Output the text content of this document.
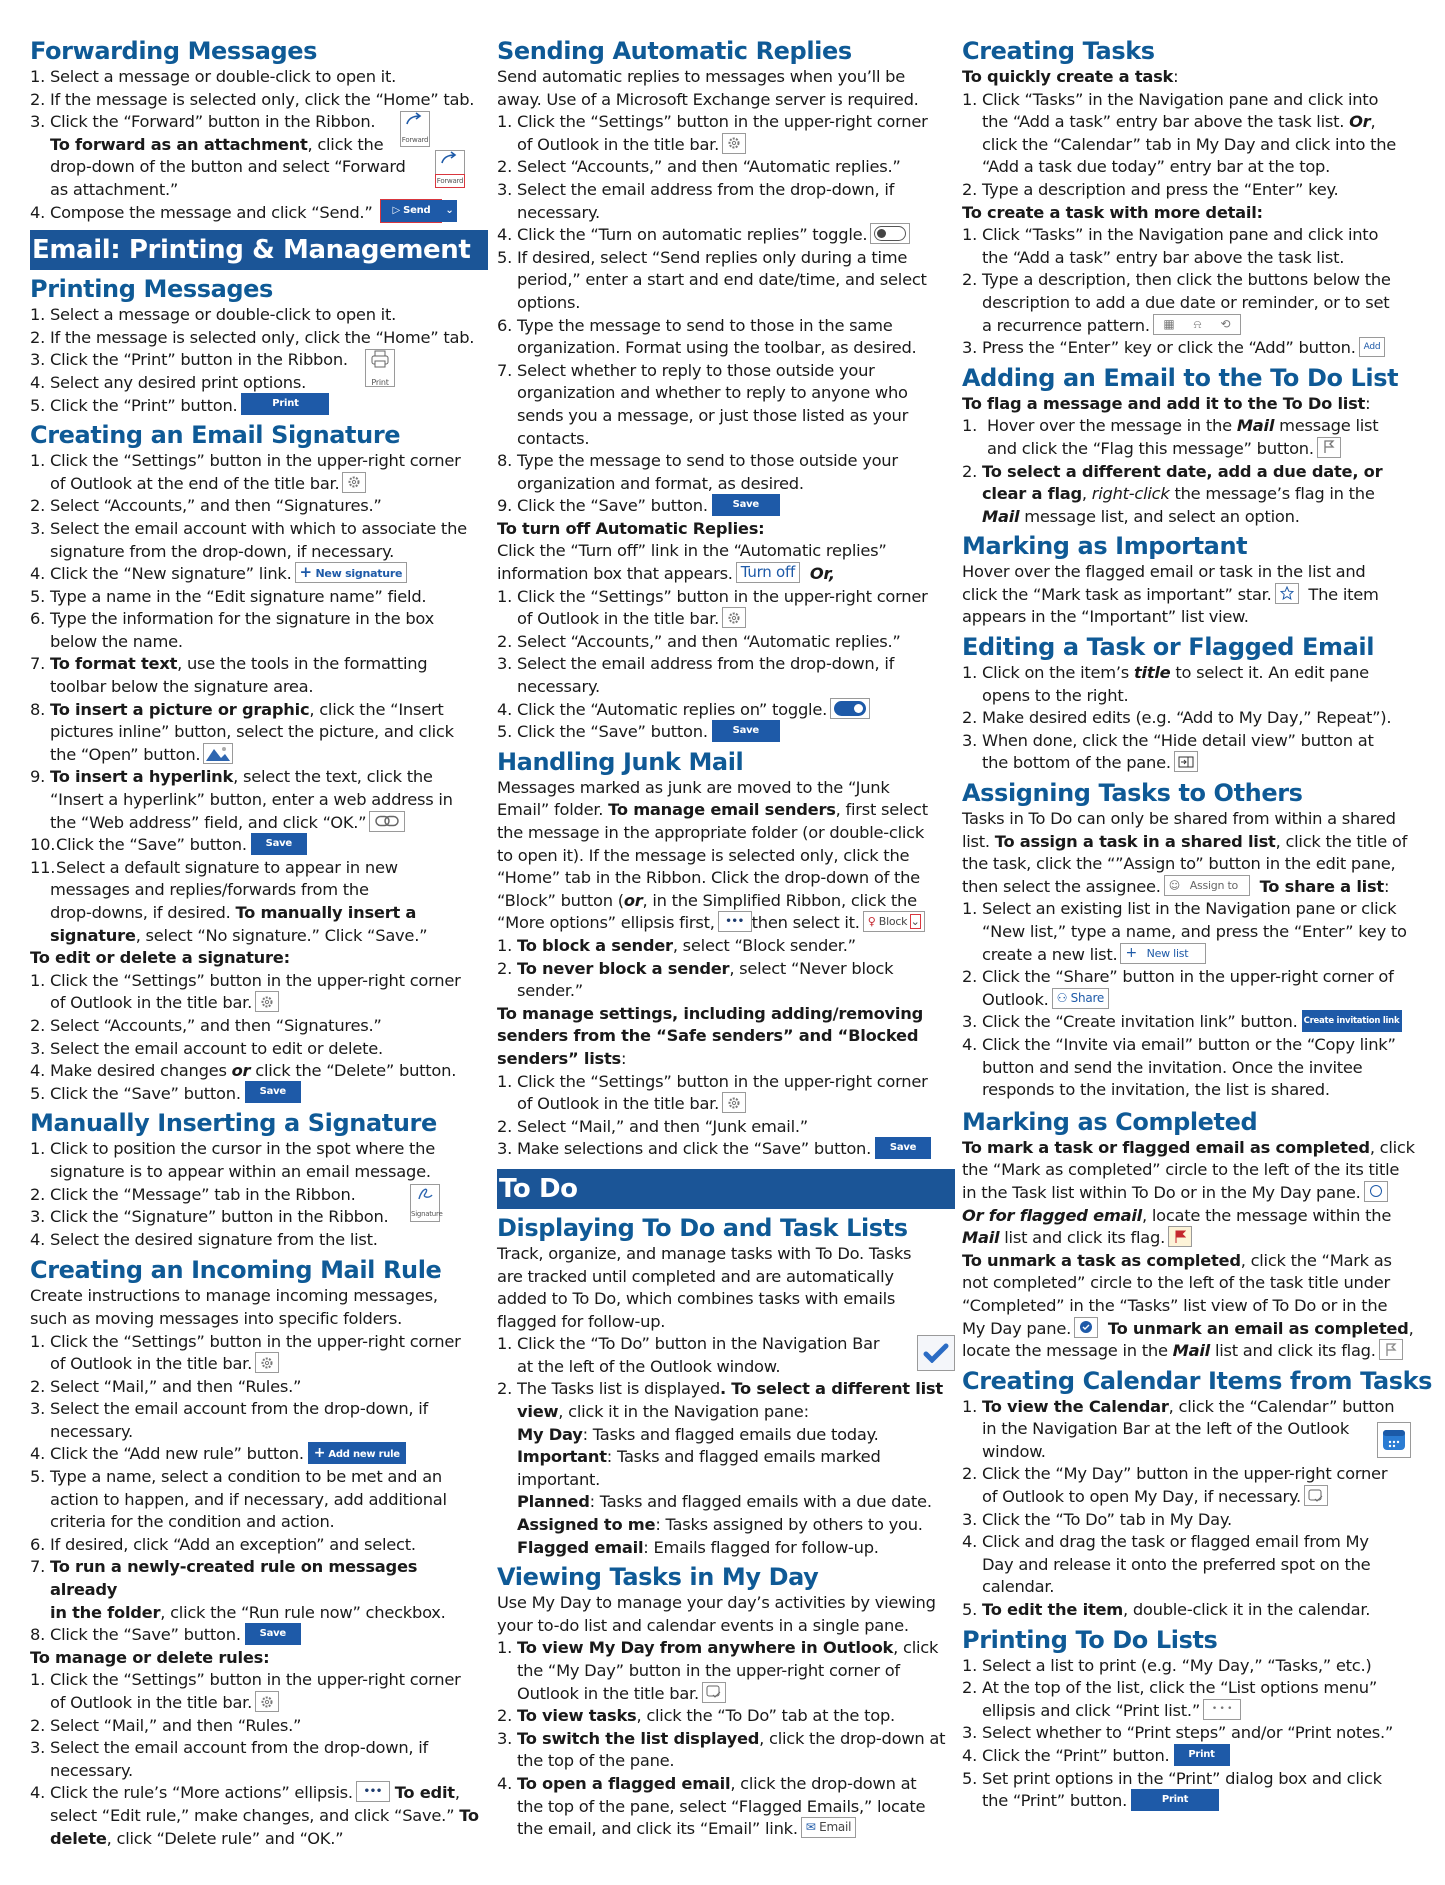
Forwarding Messages
1. Select a message or double-click to open it.
2. If the message is selected only, click the “Home” tab.
3. Click the “Forward” button in the Ribbon.
Forward
To forward as an attachment, click the
drop-down of the button and select “Forward
Forward
as attachment.”
4. Compose the message and click “Send.” ▷ Send ⌄
Email: Printing & Management
Printing Messages
1. Select a message or double-click to open it.
2. If the message is selected only, click the “Home” tab.
3. Click the “Print” button in the Ribbon.
Print
4. Select any desired print options.
5. Click the “Print” button.	Print
Creating an Email Signature
1. Click the “Settings” button in the upper-right corner
of Outlook at the end of the title bar.
2. Select “Accounts,” and then “Signatures.”
3. Select the email account with which to associate the
signature from the drop-down, if necessary.
4. Click the “New signature” link. + New signature
5. Type a name in the “Edit signature name” field.
6. Type the information for the signature in the box
below the name.
7. To format text, use the tools in the formatting
toolbar below the signature area.
8. To insert a picture or graphic, click the “Insert
pictures inline” button, select the picture, and click
the “Open” button.
9. To insert a hyperlink, select the text, click the
“Insert a hyperlink” button, enter a web address in
the “Web address” field, and click “OK.”
10. Click the “Save” button. Save
11. Select a default signature to appear in new
messages and replies/forwards from the
drop-downs, if desired. To manually insert a
signature, select “No signature.” Click “Save.”
To edit or delete a signature:
1. Click the “Settings” button in the upper-right corner
of Outlook in the title bar.
2. Select “Accounts,” and then “Signatures.”
3. Select the email account to edit or delete.
4. Make desired changes or click the “Delete” button.
5. Click the “Save” button. Save
Manually Inserting a Signature
1. Click to position the cursor in the spot where the
signature is to appear within an email message.
2. Click the “Message” tab in the Ribbon.
Signature
3. Click the “Signature” button in the Ribbon.
4. Select the desired signature from the list.
Creating an Incoming Mail Rule
Create instructions to manage incoming messages,
such as moving messages into specific folders.
1. Click the “Settings” button in the upper-right corner
of Outlook in the title bar.
2. Select “Mail,” and then “Rules.”
3. Select the email account from the drop-down, if
necessary.
4. Click the “Add new rule” button. + Add new rule
5. Type a name, select a condition to be met and an
action to happen, and if necessary, add additional
criteria for the condition and action.
6. If desired, click “Add an exception” and select.
7. To run a newly-created rule on messages already
in the folder, click the “Run rule now” checkbox.
8. Click the “Save” button. Save
To manage or delete rules:
1. Click the “Settings” button in the upper-right corner
of Outlook in the title bar.
2. Select “Mail,” and then “Rules.”
3. Select the email account from the drop-down, if
necessary.
4. Click the rule’s “More actions” ellipsis. ••• To edit,
select “Edit rule,” make changes, and click “Save.” To
delete, click “Delete rule” and “OK.”
Sending Automatic Replies
Send automatic replies to messages when you’ll be
away. Use of a Microsoft Exchange server is required.
1. Click the “Settings” button in the upper-right corner
of Outlook in the title bar.
2. Select “Accounts,” and then “Automatic replies.”
3. Select the email address from the drop-down, if
necessary.
4. Click the “Turn on automatic replies” toggle.
5. If desired, select “Send replies only during a time
period,” enter a start and end date/time, and select
options.
6. Type the message to send to those in the same
organization. Format using the toolbar, as desired.
7. Select whether to reply to those outside your
organization and whether to reply to anyone who
sends you a message, or just those listed as your
contacts.
8. Type the message to send to those outside your
organization and format, as desired.
9. Click the “Save” button. Save
To turn off Automatic Replies:
Click the “Turn off” link in the “Automatic replies”
information box that appears. Turn off Or,
1. Click the “Settings” button in the upper-right corner
of Outlook in the title bar.
2. Select “Accounts,” and then “Automatic replies.”
3. Select the email address from the drop-down, if
necessary.
4. Click the “Automatic replies on” toggle.
5. Click the “Save” button. Save
Handling Junk Mail
Messages marked as junk are moved to the “Junk
Email” folder. To manage email senders, first select
the message in the appropriate folder (or double-click
to open it). If the message is selected only, click the
“Home” tab in the Ribbon. Click the drop-down of the
“Block” button (or, in the Simplified Ribbon, click the
“More options” ellipsis first, ••• then select it. ♀ Block ⌄
1. To block a sender, select “Block sender.”
2. To never block a sender, select “Never block
sender.”
To manage settings, including adding/removing
senders from the “Safe senders” and “Blocked
senders” lists:
1. Click the “Settings” button in the upper-right corner
of Outlook in the title bar.
2. Select “Mail,” and then “Junk email.”
3. Make selections and click the “Save” button. Save
To Do
Displaying To Do and Task Lists
Track, organize, and manage tasks with To Do. Tasks
are tracked until completed and are automatically
added to To Do, which combines tasks with emails
flagged for follow-up.
1. Click the “To Do” button in the Navigation Bar
at the left of the Outlook window.
2. The Tasks list is displayed. To select a different list
view, click it in the Navigation pane:
My Day: Tasks and flagged emails due today.
Important: Tasks and flagged emails marked
important.
Planned: Tasks and flagged emails with a due date.
Assigned to me: Tasks assigned by others to you.
Flagged email: Emails flagged for follow-up.
Viewing Tasks in My Day
Use My Day to manage your day’s activities by viewing
your to-do list and calendar events in a single pane.
1. To view My Day from anywhere in Outlook, click
the “My Day” button in the upper-right corner of
Outlook in the title bar.
2. To view tasks, click the “To Do” tab at the top.
3. To switch the list displayed, click the drop-down at
the top of the pane.
4. To open a flagged email, click the drop-down at
the top of the pane, select “Flagged Emails,” locate
the email, and click its “Email” link. ✉ Email
Creating Tasks
To quickly create a task:
1. Click “Tasks” in the Navigation pane and click into
the “Add a task” entry bar above the task list. Or,
click the “Calendar” tab in My Day and click into the
“Add a task due today” entry bar at the top.
2. Type a description and press the “Enter” key.
To create a task with more detail:
1. Click “Tasks” in the Navigation pane and click into
the “Add a task” entry bar above the task list.
2. Type a description, then click the buttons below the
description to add a due date or reminder, or to set
a recurrence pattern. ▦ ⍾ ⟲
3. Press the “Enter” key or click the “Add” button. Add
Adding an Email to the To Do List
To flag a message and add it to the To Do list:
1. Hover over the message in the Mail message list
and click the “Flag this message” button.
2. To select a different date, add a due date, or
clear a flag, right-click the message’s flag in the
Mail message list, and select an option.
Marking as Important
Hover over the flagged email or task in the list and
click the “Mark task as important” star. The item
appears in the “Important” list view.
Editing a Task or Flagged Email
1. Click on the item’s title to select it. An edit pane
opens to the right.
2. Make desired edits (e.g. “Add to My Day,” Repeat”).
3. When done, click the “Hide detail view” button at
the bottom of the pane.
Assigning Tasks to Others
Tasks in To Do can only be shared from within a shared
list. To assign a task in a shared list, click the title of
the task, click the “”Assign to” button in the edit pane,
then select the assignee. ☺ Assign to To share a list:
1. Select an existing list in the Navigation pane or click
“New list,” type a name, and press the “Enter” key to
create a new list. + New list
2. Click the “Share” button in the upper-right corner of
Outlook. ⚇ Share
3. Click the “Create invitation link” button. Create invitation link
4. Click the “Invite via email” button or the “Copy link”
button and send the invitation. Once the invitee
responds to the invitation, the list is shared.
Marking as Completed
To mark a task or flagged email as completed, click
the “Mark as completed” circle to the left of the its title
in the Task list within To Do or in the My Day pane.
Or for flagged email, locate the message within the
Mail list and click its flag.
To unmark a task as completed, click the “Mark as
not completed” circle to the left of the task title under
“Completed” in the “Tasks” list view of To Do or in the
My Day pane. To unmark an email as completed,
locate the message in the Mail list and click its flag.
Creating Calendar Items from Tasks
1. To view the Calendar, click the “Calendar” button
in the Navigation Bar at the left of the Outlook
window.
2. Click the “My Day” button in the upper-right corner
of Outlook to open My Day, if necessary.
3. Click the “To Do” tab in My Day.
4. Click and drag the task or flagged email from My
Day and release it onto the preferred spot on the
calendar.
5. To edit the item, double-click it in the calendar.
Printing To Do Lists
1. Select a list to print (e.g. “My Day,” “Tasks,” etc.)
2. At the top of the list, click the “List options menu”
ellipsis and click “Print list.” • • •
3. Select whether to “Print steps” and/or “Print notes.”
4. Click the “Print” button. Print
5. Set print options in the “Print” dialog box and click
the “Print” button.	Print
